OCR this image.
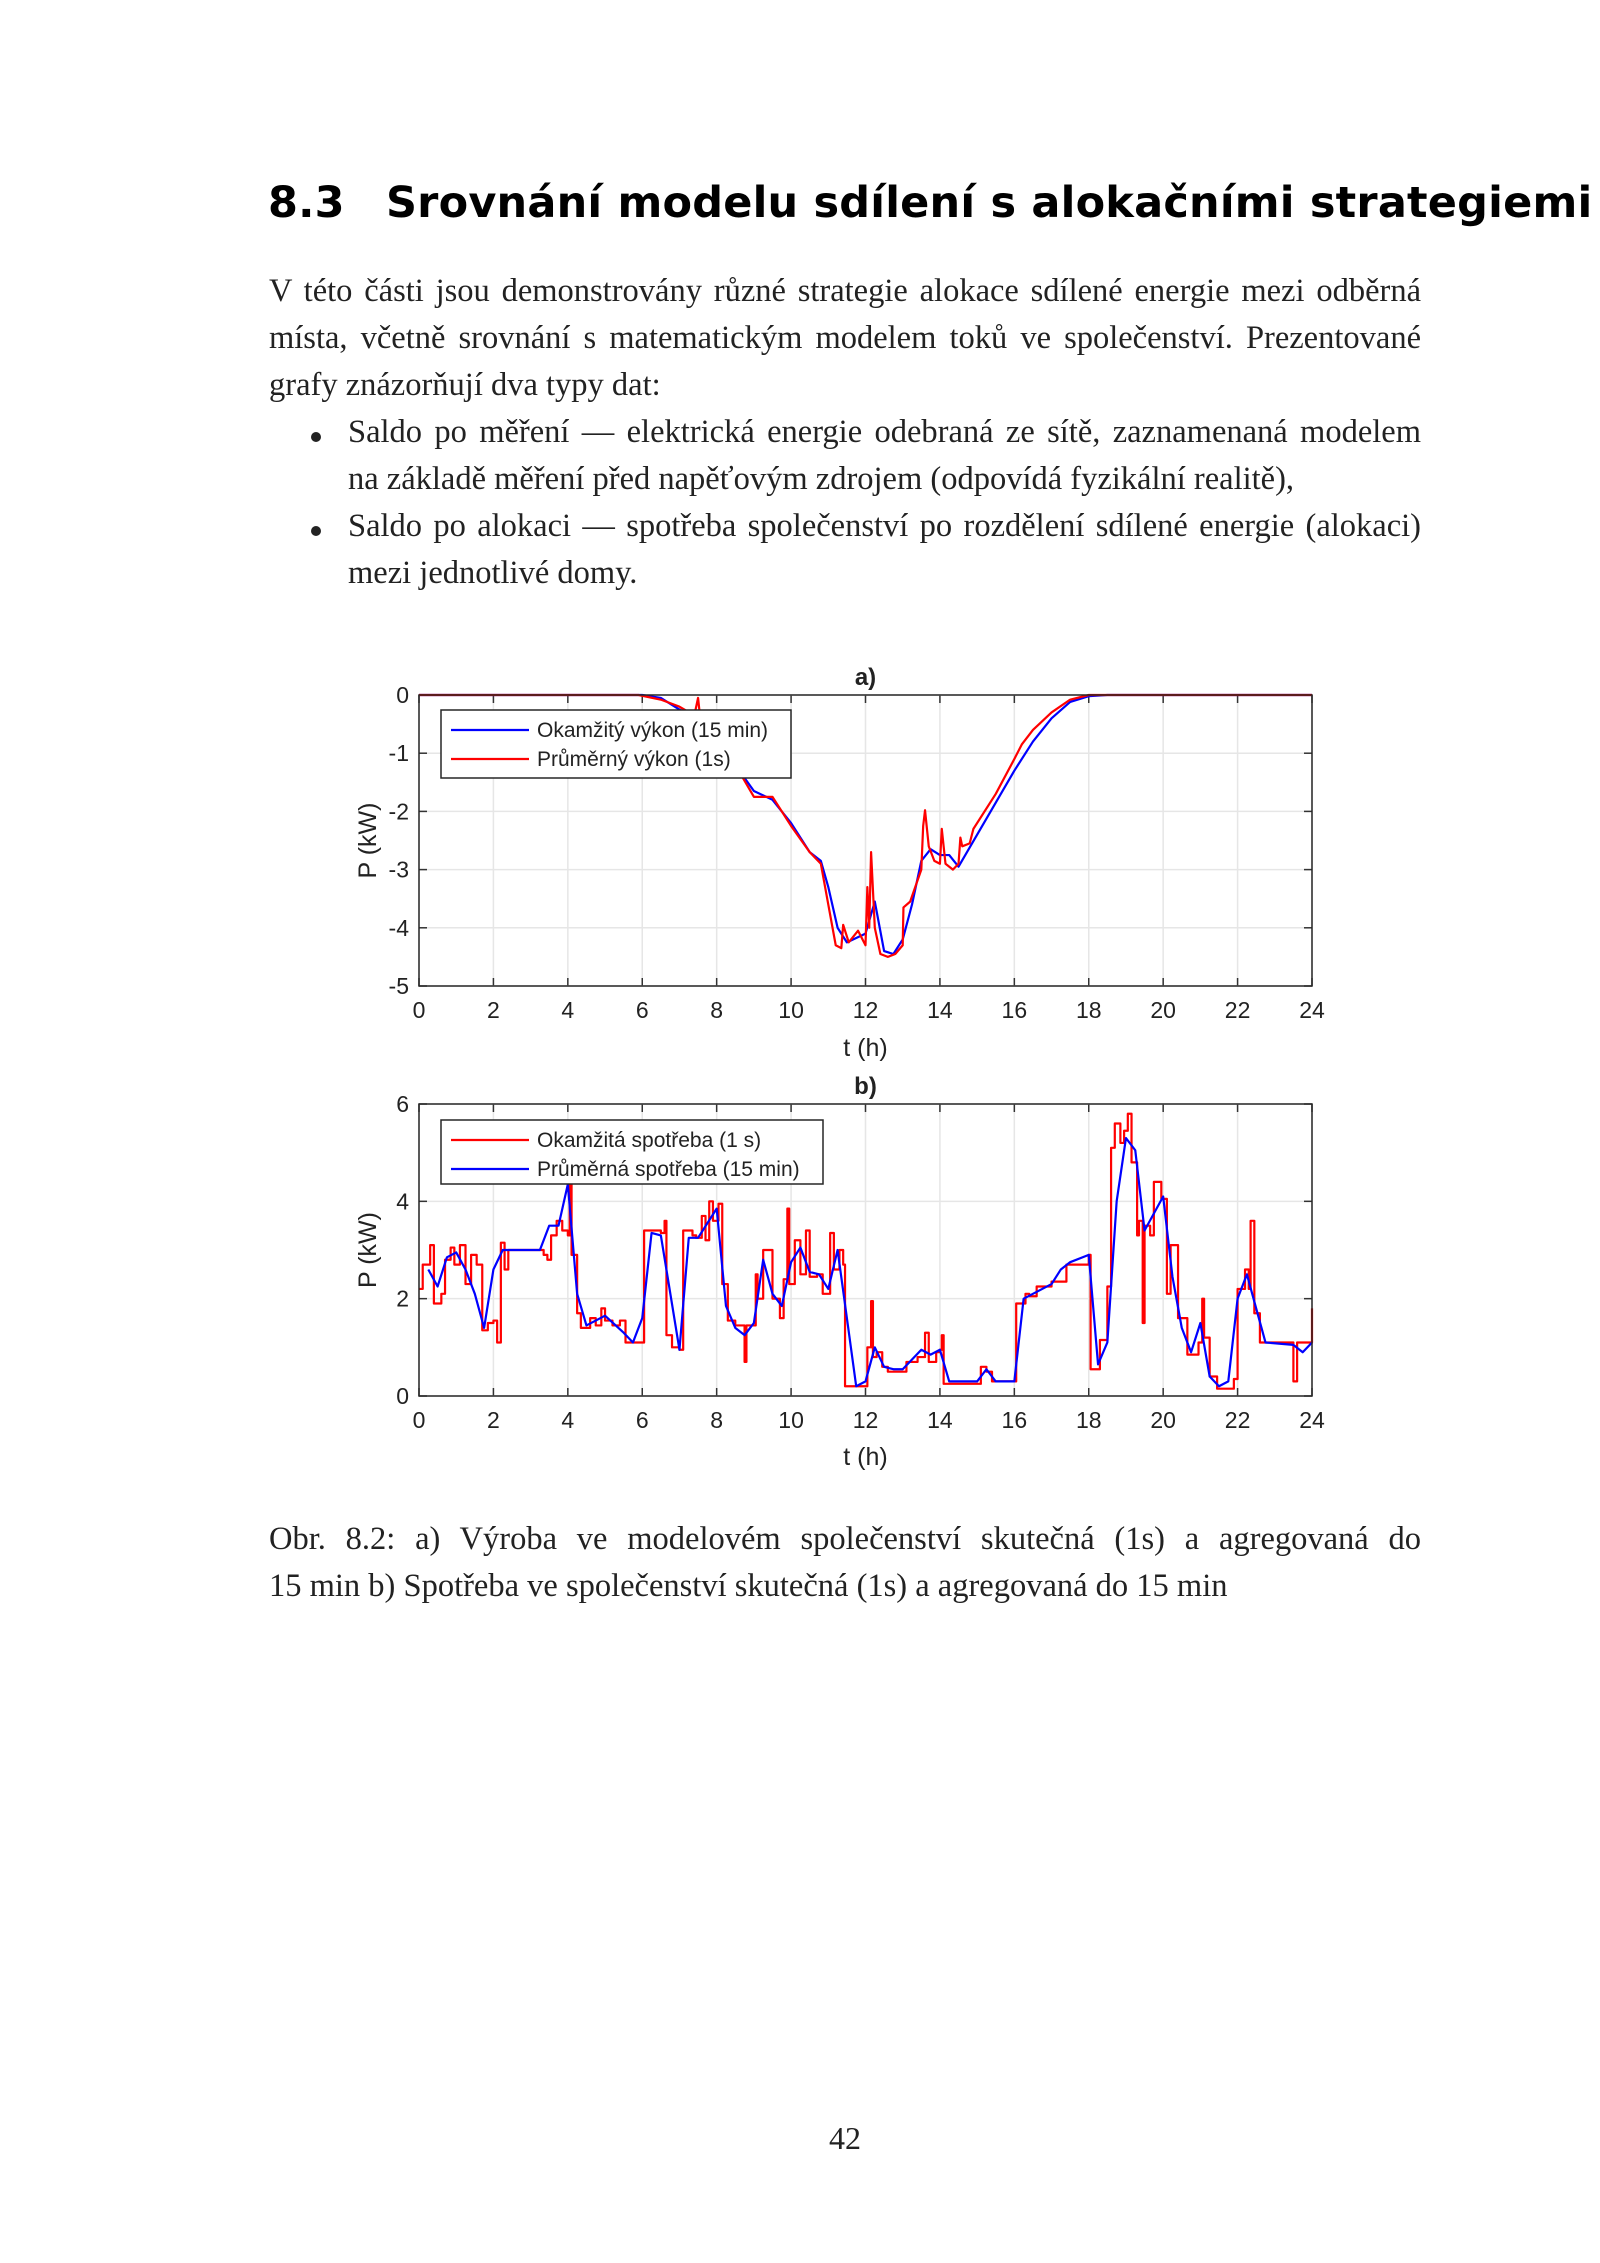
8.3 Srovnání modelu sdílení s alokačními strategiemi
V této části jsou demonstrovány různé strategie alokace sdílené energie mezi odběrná
místa, včetně srovnání s matematickým modelem toků ve společenství. Prezentované
grafy znázorňují dva typy dat:
Saldo po měření — elektrická energie odebraná ze sítě, zaznamenaná modelem
na základě měření před napěťovým zdrojem (odpovídá fyzikální realitě),
Saldo po alokaci — spotřeba společenství po rozdělení sdílené energie (alokaci)
mezi jednotlivé domy.
0	2	4	6	8 10 12 14 16 18 20 22 24
0
-1
-2
-3
-4
-5
a)
t (h)
P (kW)
Okamžitý výkon (15 min)
Průměrný výkon (1s)
0	2	4	6	8 10 12 14 16 18 20 22 24
0
2
4
6
b)
t (h)
P (kW)
Okamžitá spotřeba (1 s)
Průměrná spotřeba (15 min)
Obr. 8.2: a) Výroba ve modelovém společenství skutečná (1s) a agregovaná do
15 min b) Spotřeba ve společenství skutečná (1s) a agregovaná do 15 min
42
